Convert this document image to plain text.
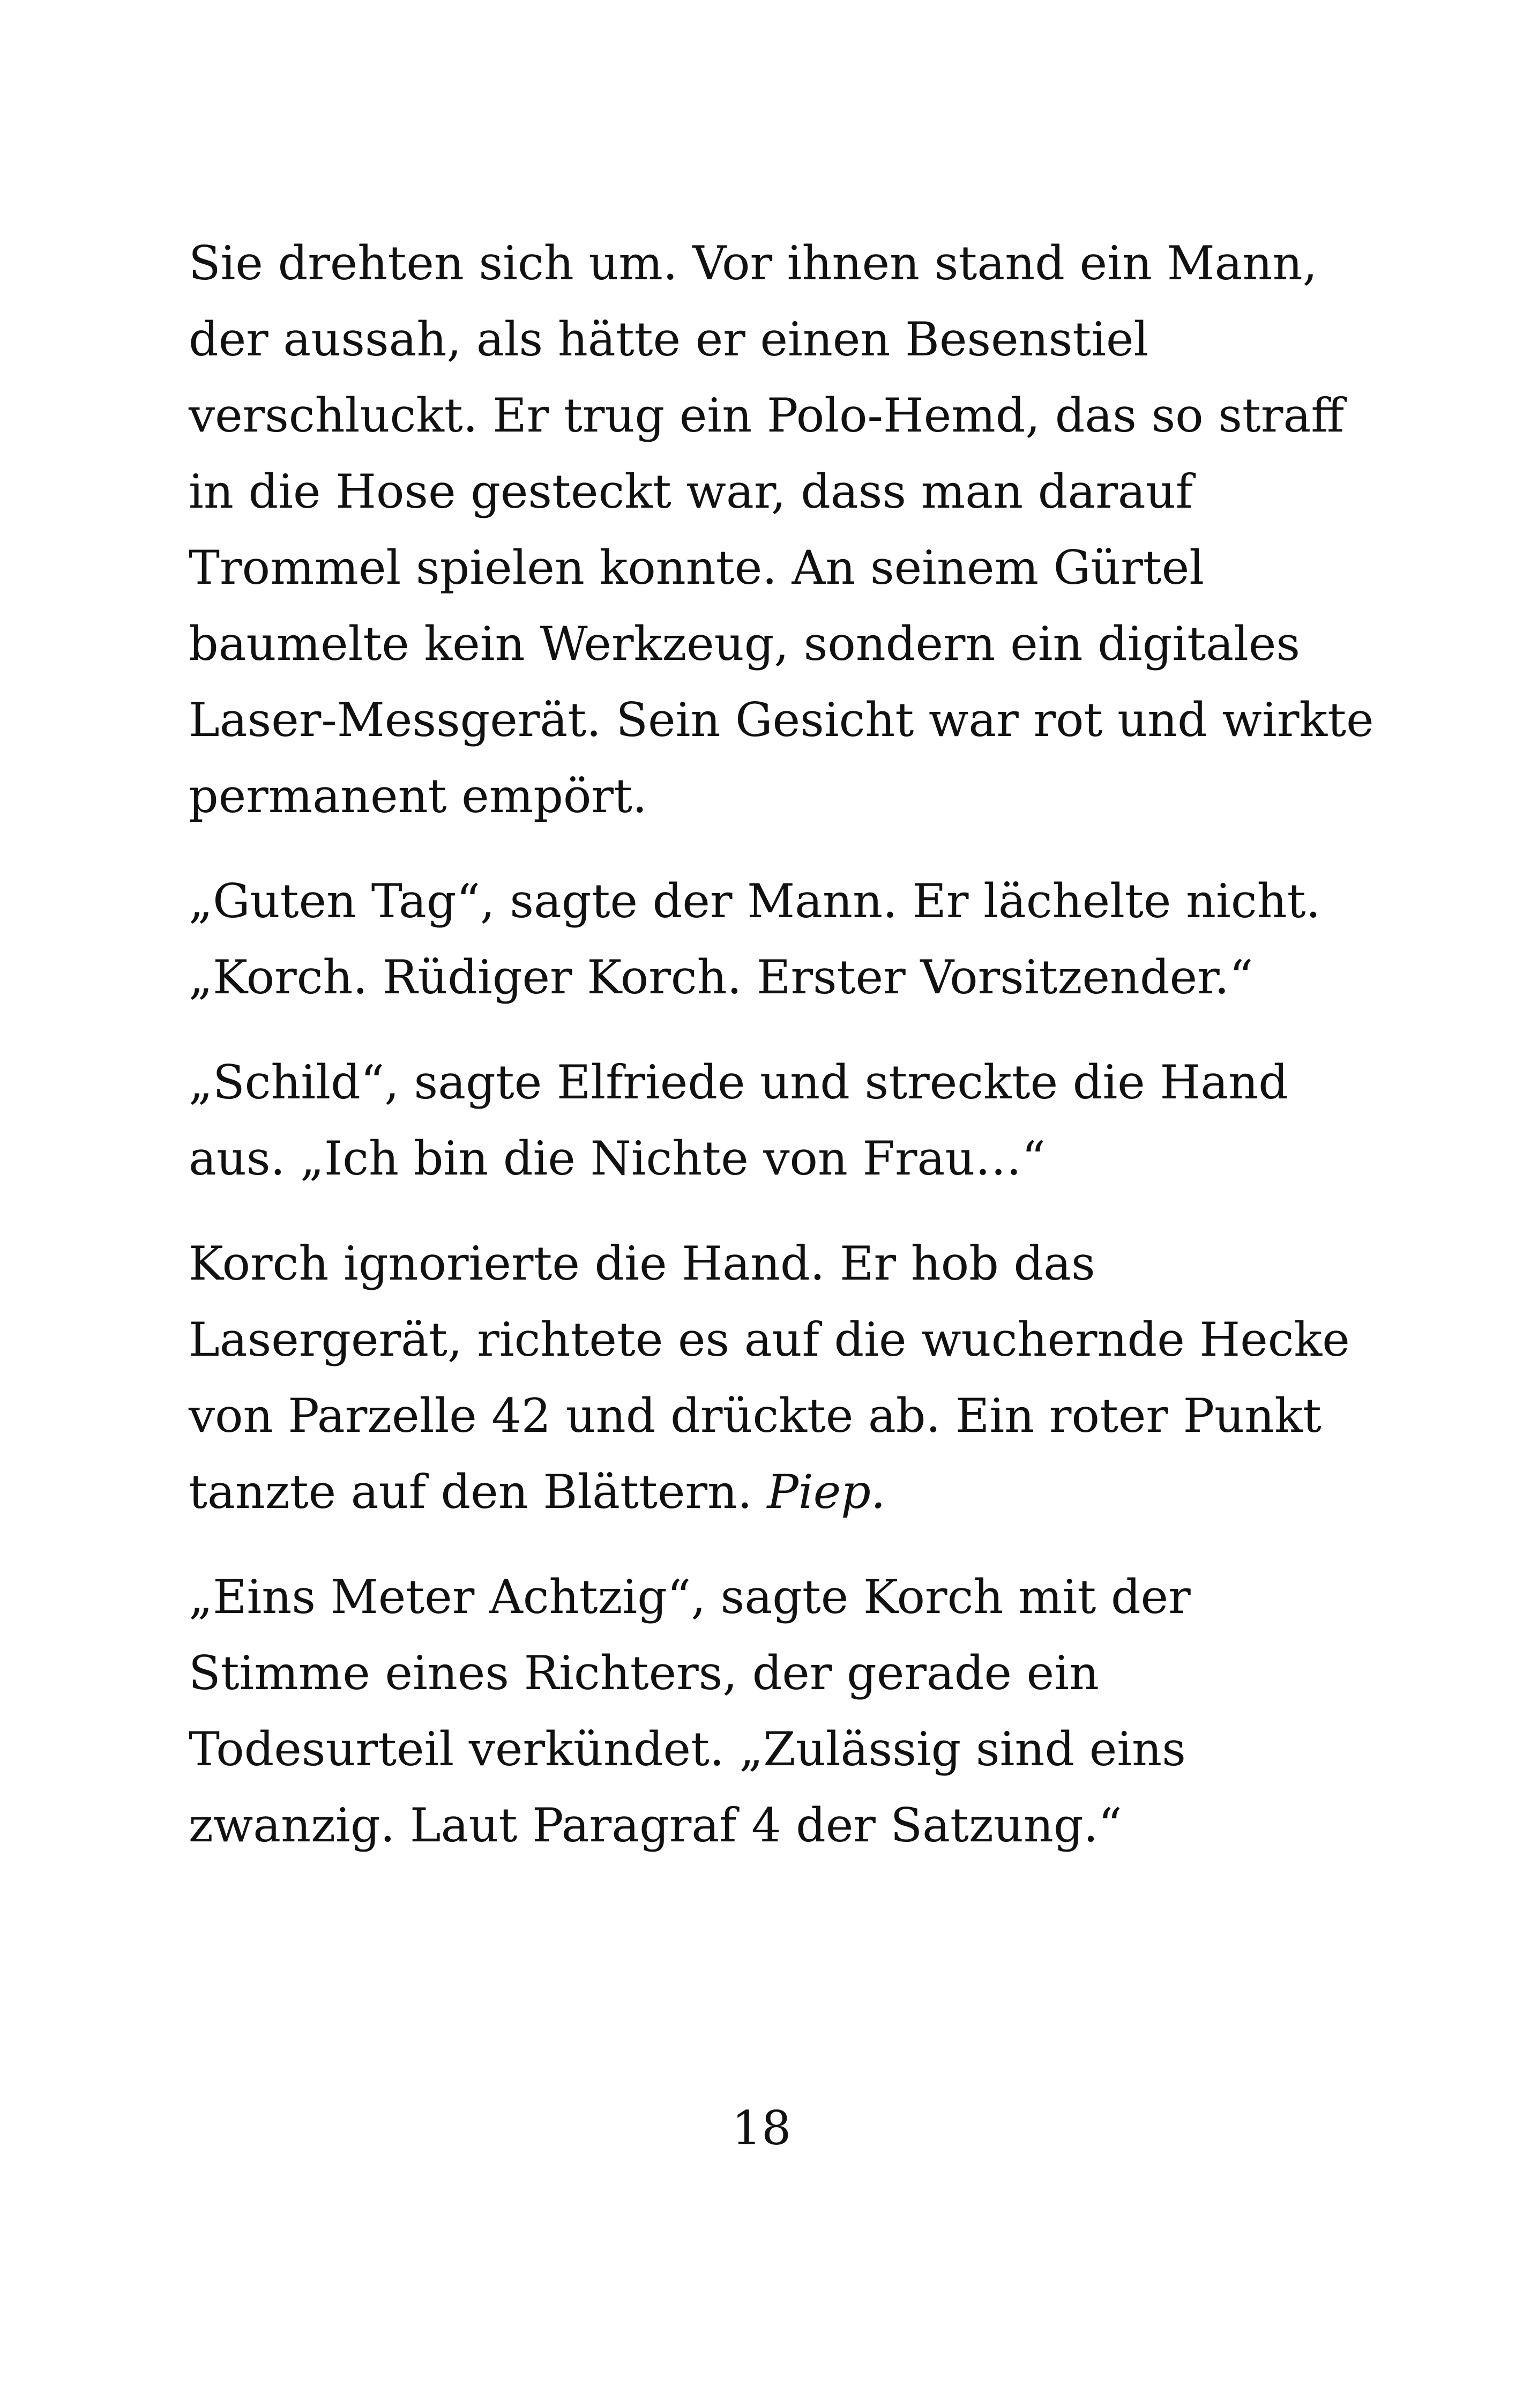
Sie drehten sich um. Vor ihnen stand ein Mann,
der aussah, als hätte er einen Besenstiel
verschluckt. Er trug ein Polo-Hemd, das so straff
in die Hose gesteckt war, dass man darauf
Trommel spielen konnte. An seinem Gürtel
baumelte kein Werkzeug, sondern ein digitales
Laser-Messgerät. Sein Gesicht war rot und wirkte
permanent empört.

„Guten Tag“, sagte der Mann. Er lächelte nicht.
„Korch. Rüdiger Korch. Erster Vorsitzender.“

„Schild“, sagte Elfriede und streckte die Hand
aus. „Ich bin die Nichte von Frau…“

Korch ignorierte die Hand. Er hob das
Lasergerät, richtete es auf die wuchernde Hecke
von Parzelle 42 und drückte ab. Ein roter Punkt
tanzte auf den Blättern. Piep.

„Eins Meter Achtzig“, sagte Korch mit der
Stimme eines Richters, der gerade ein
Todesurteil verkündet. „Zulässig sind eins
zwanzig. Laut Paragraf 4 der Satzung.“

18
